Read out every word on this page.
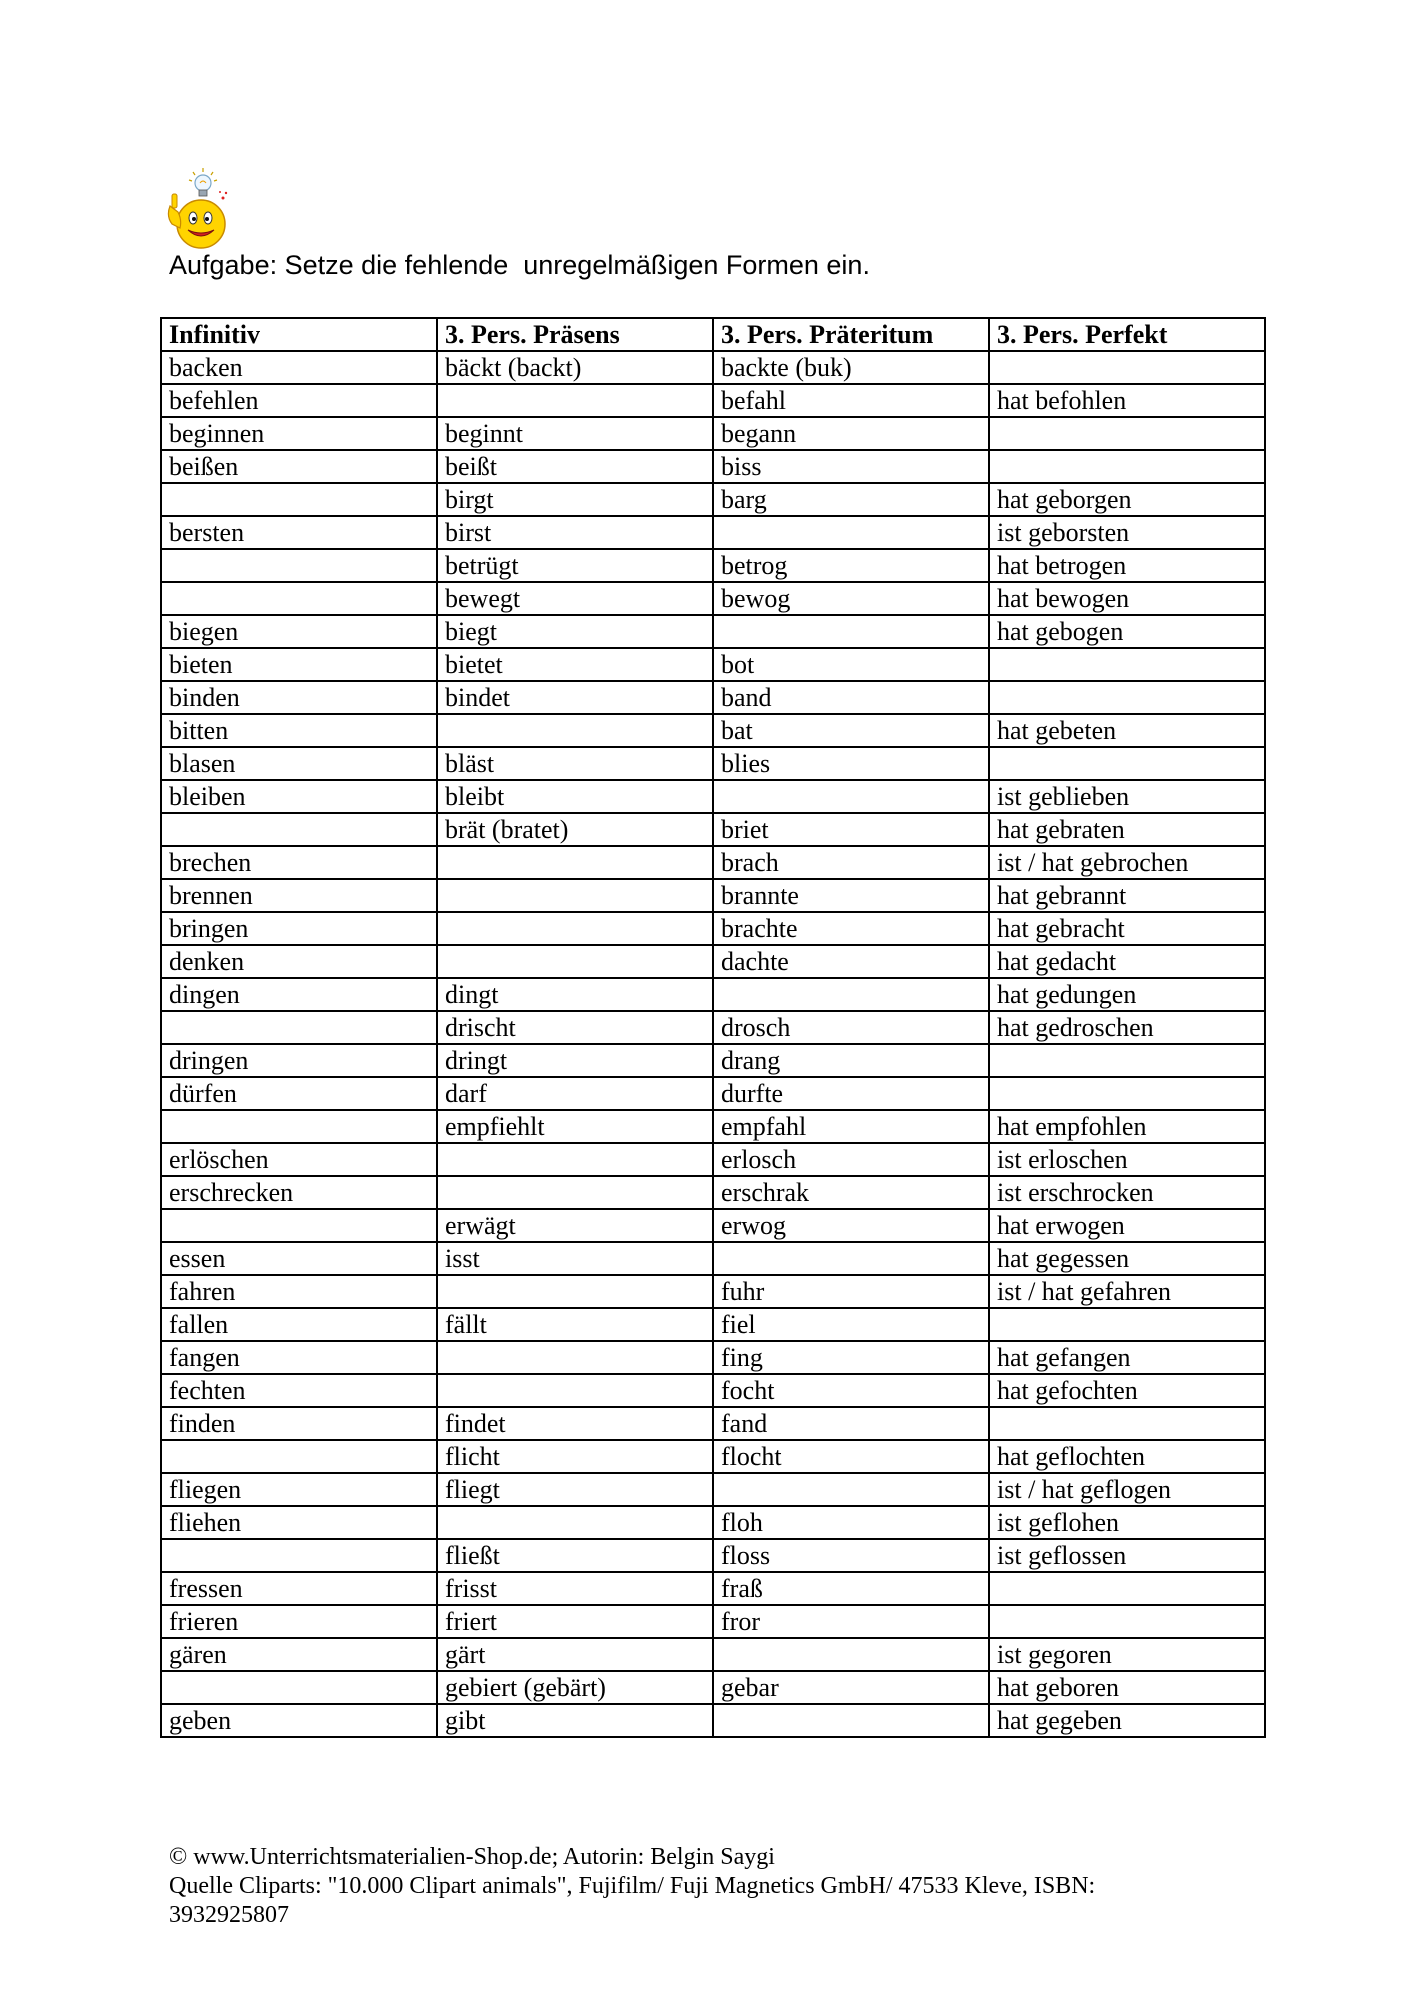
Aufgabe: Setze die fehlende  unregelmäßigen Formen ein.
Infinitiv	3. Pers. Präsens	3. Pers. Präteritum	3. Pers. Perfekt
backen	bäckt (backt)	backte (buk)	
befehlen		befahl	hat befohlen
beginnen	beginnt	begann	
beißen	beißt	biss	
	birgt	barg	hat geborgen
bersten	birst		ist geborsten
	betrügt	betrog	hat betrogen
	bewegt	bewog	hat bewogen
biegen	biegt		hat gebogen
bieten	bietet	bot	
binden	bindet	band	
bitten		bat	hat gebeten
blasen	bläst	blies	
bleiben	bleibt		ist geblieben
	brät (bratet)	briet	hat gebraten
brechen		brach	ist / hat gebrochen
brennen		brannte	hat gebrannt
bringen		brachte	hat gebracht
denken		dachte	hat gedacht
dingen	dingt		hat gedungen
	drischt	drosch	hat gedroschen
dringen	dringt	drang	
dürfen	darf	durfte	
	empfiehlt	empfahl	hat empfohlen
erlöschen		erlosch	ist erloschen
erschrecken		erschrak	ist erschrocken
	erwägt	erwog	hat erwogen
essen	isst		hat gegessen
fahren		fuhr	ist / hat gefahren
fallen	fällt	fiel	
fangen		fing	hat gefangen
fechten		focht	hat gefochten
finden	findet	fand	
	flicht	flocht	hat geflochten
fliegen	fliegt		ist / hat geflogen
fliehen		floh	ist geflohen
	fließt	floss	ist geflossen
fressen	frisst	fraß	
frieren	friert	fror	
gären	gärt		ist gegoren
	gebiert (gebärt)	gebar	hat geboren
geben	gibt		hat gegeben
© www.Unterrichtsmaterialien-Shop.de; Autorin: Belgin Saygi
Quelle Cliparts: "10.000 Clipart animals", Fujifilm/ Fuji Magnetics GmbH/ 47533 Kleve, ISBN:
3932925807
